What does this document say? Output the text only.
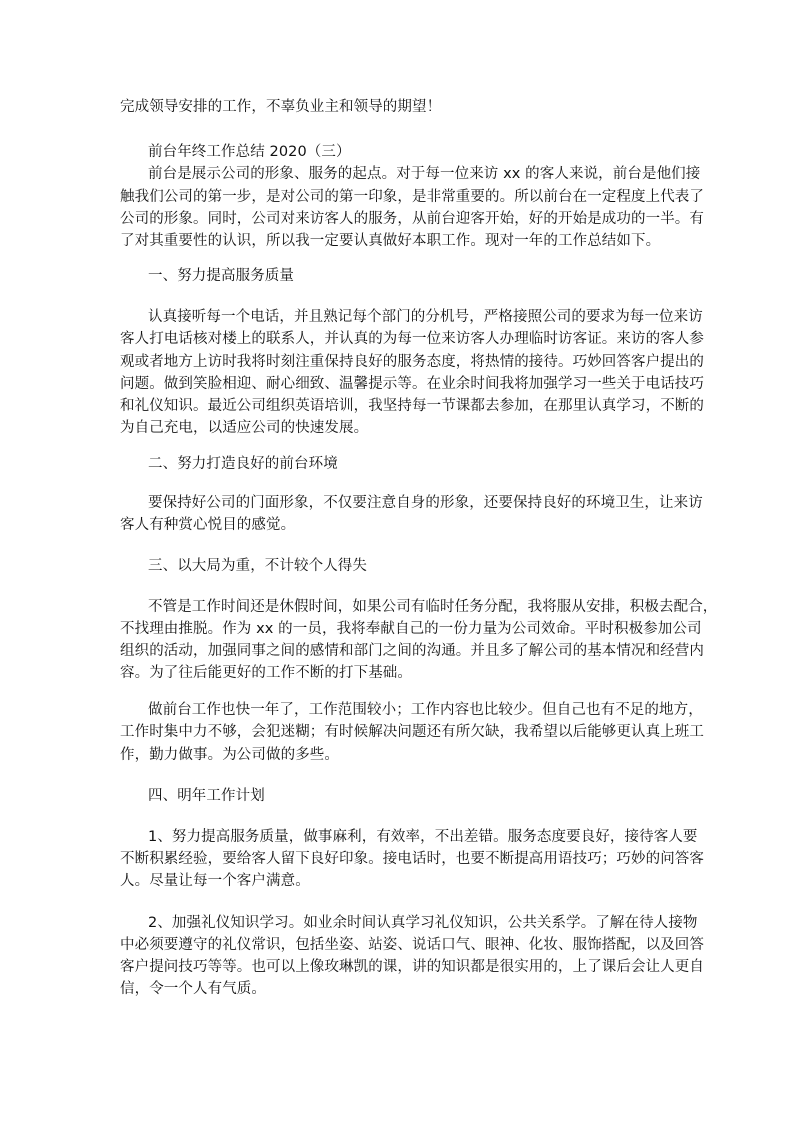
完成领导安排的工作，不辜负业主和领导的期望！
前台年终工作总结 2020（三）
前台是展示公司的形象、服务的起点。对于每一位来访 xx 的客人来说，前台是他们接
触我们公司的第一步，是对公司的第一印象，是非常重要的。所以前台在一定程度上代表了
公司的形象。同时，公司对来访客人的服务，从前台迎客开始，好的开始是成功的一半。有
了对其重要性的认识，所以我一定要认真做好本职工作。现对一年的工作总结如下。
一、努力提高服务质量
认真接听每一个电话，并且熟记每个部门的分机号，严格接照公司的要求为每一位来访
客人打电话核对楼上的联系人，并认真的为每一位来访客人办理临时访客证。来访的客人参
观或者地方上访时我将时刻注重保持良好的服务态度，将热情的接待。巧妙回答客户提出的
问题。做到笑脸相迎、耐心细致、温馨提示等。在业余时间我将加强学习一些关于电话技巧
和礼仪知识。最近公司组织英语培训，我坚持每一节课都去参加，在那里认真学习，不断的
为自己充电，以适应公司的快速发展。
二、努力打造良好的前台环境
要保持好公司的门面形象，不仅要注意自身的形象，还要保持良好的环境卫生，让来访
客人有种赏心悦目的感觉。
三、以大局为重，不计较个人得失
不管是工作时间还是休假时间，如果公司有临时任务分配，我将服从安排，积极去配合，
不找理由推脱。作为 xx 的一员，我将奉献自己的一份力量为公司效命。平时积极参加公司
组织的活动，加强同事之间的感情和部门之间的沟通。并且多了解公司的基本情况和经营内
容。为了往后能更好的工作不断的打下基础。
做前台工作也快一年了，工作范围较小；工作内容也比较少。但自己也有不足的地方，
工作时集中力不够，会犯迷糊；有时候解决问题还有所欠缺，我希望以后能够更认真上班工
作，勤力做事。为公司做的多些。
四、明年工作计划
1、努力提高服务质量，做事麻利，有效率，不出差错。服务态度要良好，接待客人要
不断积累经验，要给客人留下良好印象。接电话时，也要不断提高用语技巧；巧妙的问答客
人。尽量让每一个客户满意。
2、加强礼仪知识学习。如业余时间认真学习礼仪知识，公共关系学。了解在待人接物
中必须要遵守的礼仪常识，包括坐姿、站姿、说话口气、眼神、化妆、服饰搭配，以及回答
客户提问技巧等等。也可以上像玫琳凯的课，讲的知识都是很实用的，上了课后会让人更自
信，令一个人有气质。
